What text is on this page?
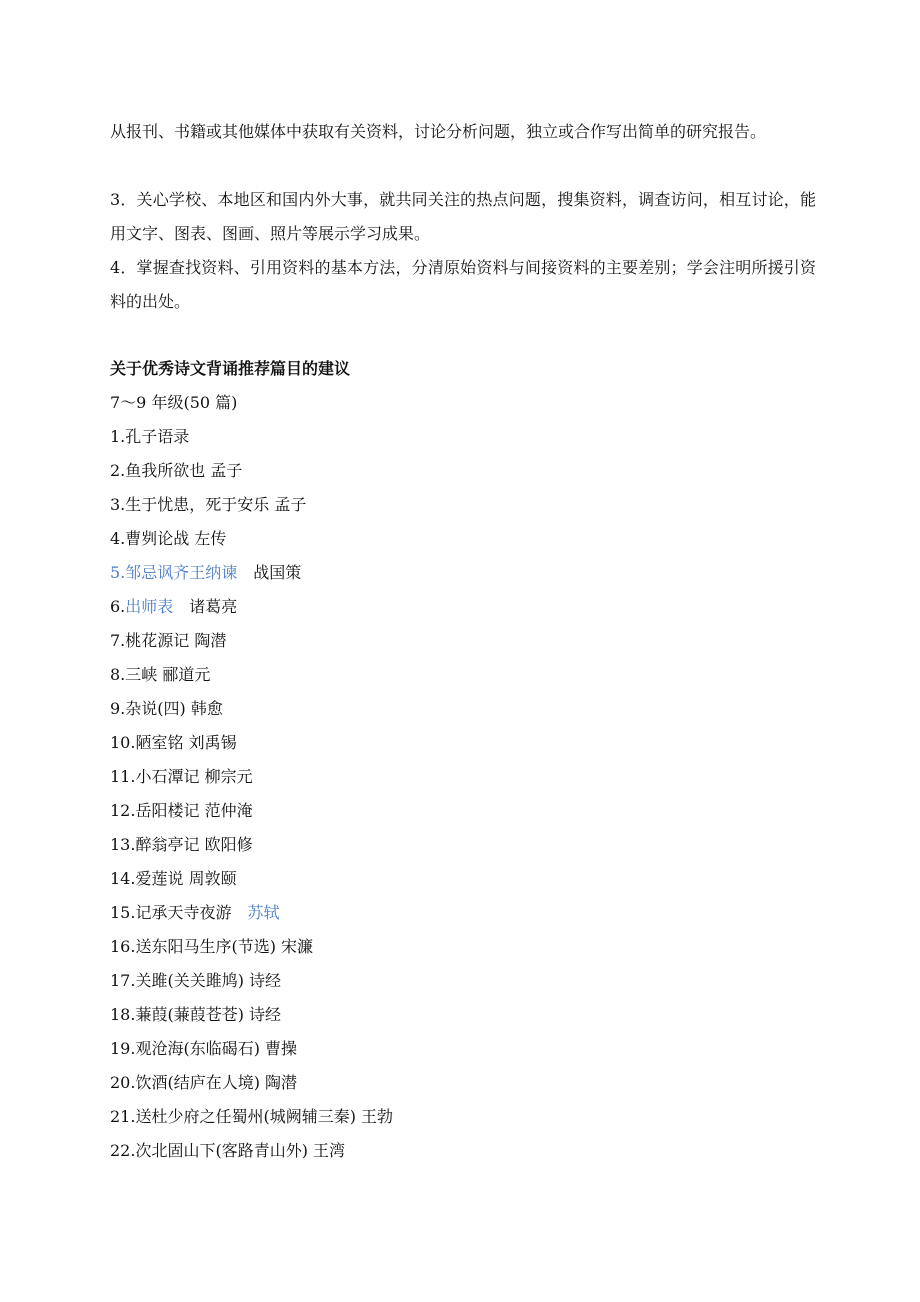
从报刊、书籍或其他媒体中获取有关资料，讨论分析问题，独立或合作写出简单的研究报告。

3．关心学校、本地区和国内外大事，就共同关注的热点问题，搜集资料，调查访问，相互讨论，能用文字、图表、图画、照片等展示学习成果。

4．掌握查找资料、引用资料的基本方法，分清原始资料与间接资料的主要差别；学会注明所援引资料的出处。

关于优秀诗文背诵推荐篇目的建议

7～9 年级(50 篇)
1.孔子语录
2.鱼我所欲也 孟子
3.生于忧患，死于安乐 孟子
4.曹刿论战 左传
5.邹忌讽齐王纳谏 战国策
6.出师表 诸葛亮
7.桃花源记 陶潜
8.三峡 郦道元
9.杂说(四) 韩愈
10.陋室铭 刘禹锡
11.小石潭记 柳宗元
12.岳阳楼记 范仲淹
13.醉翁亭记 欧阳修
14.爱莲说 周敦颐
15.记承天寺夜游 苏轼
16.送东阳马生序(节选) 宋濂
17.关雎(关关雎鸠) 诗经
18.蒹葭(蒹葭苍苍) 诗经
19.观沧海(东临碣石) 曹操
20.饮酒(结庐在人境) 陶潜
21.送杜少府之任蜀州(城阙辅三秦) 王勃
22.次北固山下(客路青山外) 王湾
